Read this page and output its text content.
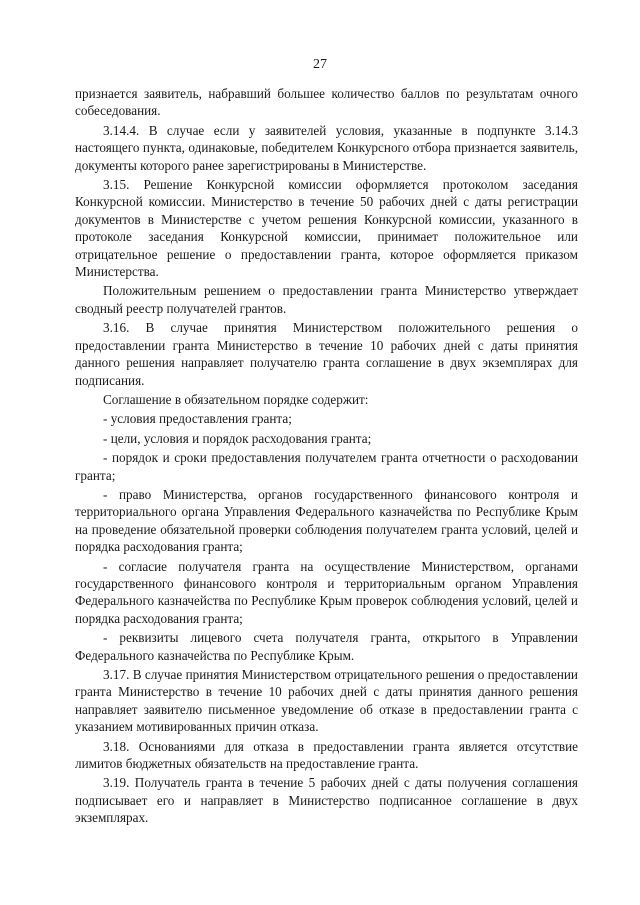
27

признается заявитель, набравший большее количество баллов по результатам очного собеседования.

3.14.4. В случае если у заявителей условия, указанные в подпункте 3.14.3 настоящего пункта, одинаковые, победителем Конкурсного отбора признается заявитель, документы которого ранее зарегистрированы в Министерстве.

3.15. Решение Конкурсной комиссии оформляется протоколом заседания Конкурсной комиссии. Министерство в течение 50 рабочих дней с даты регистрации документов в Министерстве с учетом решения Конкурсной комиссии, указанного в протоколе заседания Конкурсной комиссии, принимает положительное или отрицательное решение о предоставлении гранта, которое оформляется приказом Министерства.

Положительным решением о предоставлении гранта Министерство утверждает сводный реестр получателей грантов.

3.16. В случае принятия Министерством положительного решения о предоставлении гранта Министерство в течение 10 рабочих дней с даты принятия данного решения направляет получателю гранта соглашение в двух экземплярах для подписания.

Соглашение в обязательном порядке содержит:

- условия предоставления гранта;

- цели, условия и порядок расходования гранта;

- порядок и сроки предоставления получателем гранта отчетности о расходовании гранта;

- право Министерства, органов государственного финансового контроля и территориального органа Управления Федерального казначейства по Республике Крым на проведение обязательной проверки соблюдения получателем гранта условий, целей и порядка расходования гранта;

- согласие получателя гранта на осуществление Министерством, органами государственного финансового контроля и территориальным органом Управления Федерального казначейства по Республике Крым проверок соблюдения условий, целей и порядка расходования гранта;

- реквизиты лицевого счета получателя гранта, открытого в Управлении Федерального казначейства по Республике Крым.

3.17. В случае принятия Министерством отрицательного решения о предоставлении гранта Министерство в течение 10 рабочих дней с даты принятия данного решения направляет заявителю письменное уведомление об отказе в предоставлении гранта с указанием мотивированных причин отказа.

3.18. Основаниями для отказа в предоставлении гранта является отсутствие лимитов бюджетных обязательств на предоставление гранта.

3.19. Получатель гранта в течение 5 рабочих дней с даты получения соглашения подписывает его и направляет в Министерство подписанное соглашение в двух экземплярах.
